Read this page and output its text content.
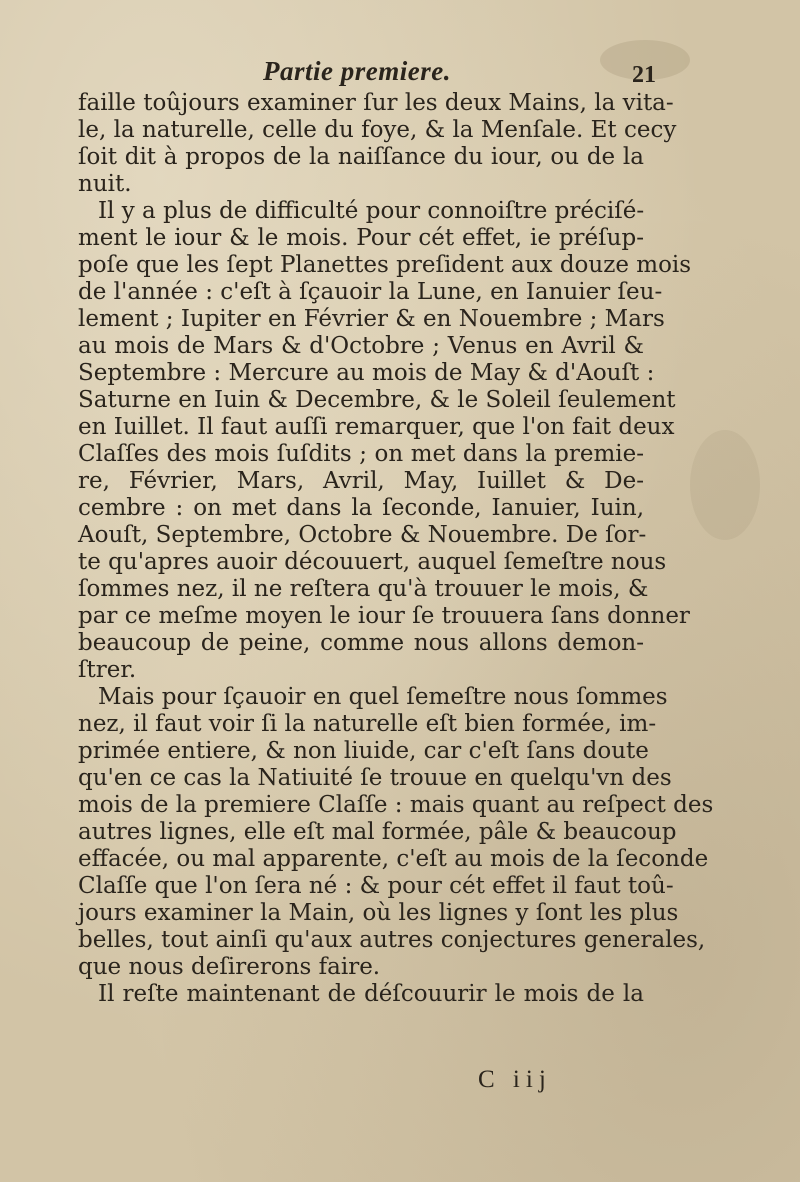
Partie premiere.	21
faille toûjours examiner ſur les deux Mains, la vita-
le, la naturelle, celle du foye, & la Menſale. Et cecy
ſoit dit à propos de la naiſſance du iour, ou de la
nuit.
Il y a plus de difficulté pour connoiſtre préciſé-
ment le iour & le mois. Pour cét effet, ie préſup-
poſe que les ſept Planettes preſident aux douze mois
de l'année : c'eſt à ſçauoir la Lune, en Ianuier ſeu-
lement ; Iupiter en Février & en Nouembre ; Mars
au mois de Mars & d'Octobre ; Venus en Avril &
Septembre : Mercure au mois de May & d'Aouſt :
Saturne en Iuin & Decembre, & le Soleil ſeulement
en Iuillet. Il faut auſſi remarquer, que l'on fait deux
Claſſes des mois ſuſdits ; on met dans la premie-
re, Février, Mars, Avril, May, Iuillet & De-
cembre : on met dans la ſeconde, Ianuier, Iuin,
Aouſt, Septembre, Octobre & Nouembre. De ſor-
te qu'apres auoir découuert, auquel ſemeſtre nous
ſommes nez, il ne reſtera qu'à trouuer le mois, &
par ce meſme moyen le iour ſe trouuera ſans donner
beaucoup de peine, comme nous allons demon-
ſtrer.
Mais pour ſçauoir en quel ſemeſtre nous ſommes
nez, il faut voir ſi la naturelle eſt bien formée, im-
primée entiere, & non liuide, car c'eſt ſans doute
qu'en ce cas la Natiuité ſe trouue en quelqu'vn des
mois de la premiere Claſſe : mais quant au reſpect des
autres lignes, elle eſt mal formée, pâle & beaucoup
effacée, ou mal apparente, c'eſt au mois de la ſeconde
Claſſe que l'on ſera né : & pour cét effet il faut toû-
jours examiner la Main, où les lignes y ſont les plus
belles, tout ainſi qu'aux autres conjectures generales,
que nous deſirerons faire.
Il reſte maintenant de déſcouurir le mois de la
C iij
